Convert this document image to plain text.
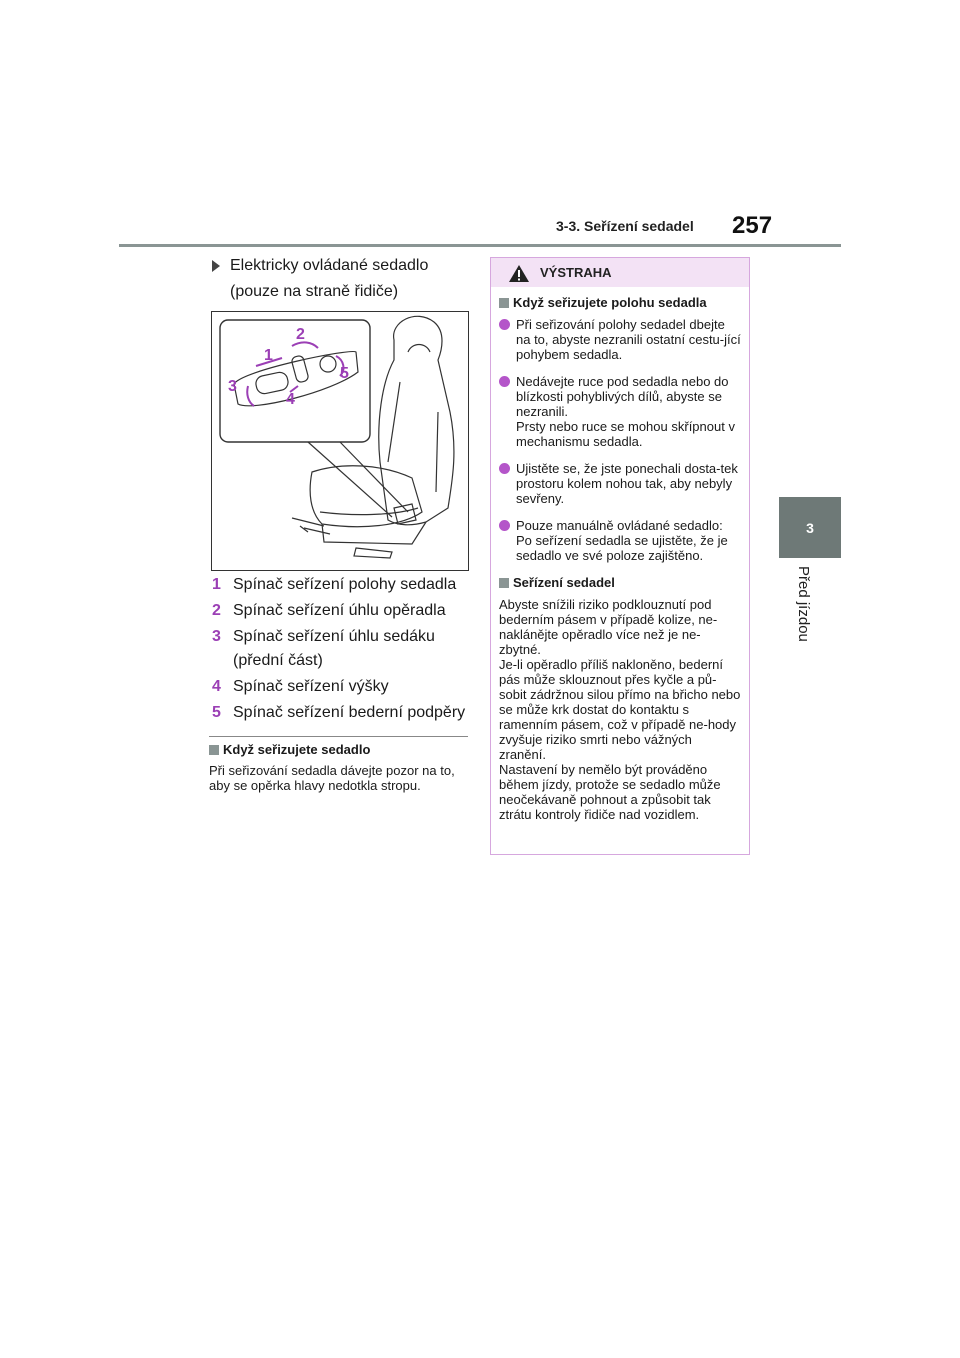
3-3. Seřízení sedadel 257
3
Před jízdou
Elektricky ovládané sedadlo (pouze na straně řidiče)
1
2
3
4
5
1 Spínač seřízení polohy sedadla
2 Spínač seřízení úhlu opěradla
3 Spínač seřízení úhlu sedáku (přední část)
4 Spínač seřízení výšky
5 Spínač seřízení bederní podpěry
Když seřizujete sedadlo
Při seřizování sedadla dávejte pozor na to, aby se opěrka hlavy nedotkla stropu.
VÝSTRAHA
Když seřizujete polohu sedadla
Při seřizování polohy sedadel dbejte na to, abyste nezranili ostatní cestu-jící pohybem sedadla.
Nedávejte ruce pod sedadla nebo do blízkosti pohyblivých dílů, abyste se nezranili.
Prsty nebo ruce se mohou skřípnout v mechanismu sedadla.
Ujistěte se, že jste ponechali dosta-tek prostoru kolem nohou tak, aby nebyly sevřeny.
Pouze manuálně ovládané sedadlo: Po seřízení sedadla se ujistěte, že je sedadlo ve své poloze zajištěno.
Seřízení sedadel
Abyste snížili riziko podklouznutí pod bederním pásem v případě kolize, ne-naklánějte opěradlo více než je ne-zbytné.
Je-li opěradlo příliš nakloněno, bederní pás může sklouznout přes kyčle a pů-sobit zádržnou silou přímo na břicho nebo se může krk dostat do kontaktu s ramenním pásem, což v případě ne-hody zvyšuje riziko smrti nebo vážných zranění.
Nastavení by nemělo být prováděno během jízdy, protože se sedadlo může neočekávaně pohnout a způsobit tak ztrátu kontroly řidiče nad vozidlem.
